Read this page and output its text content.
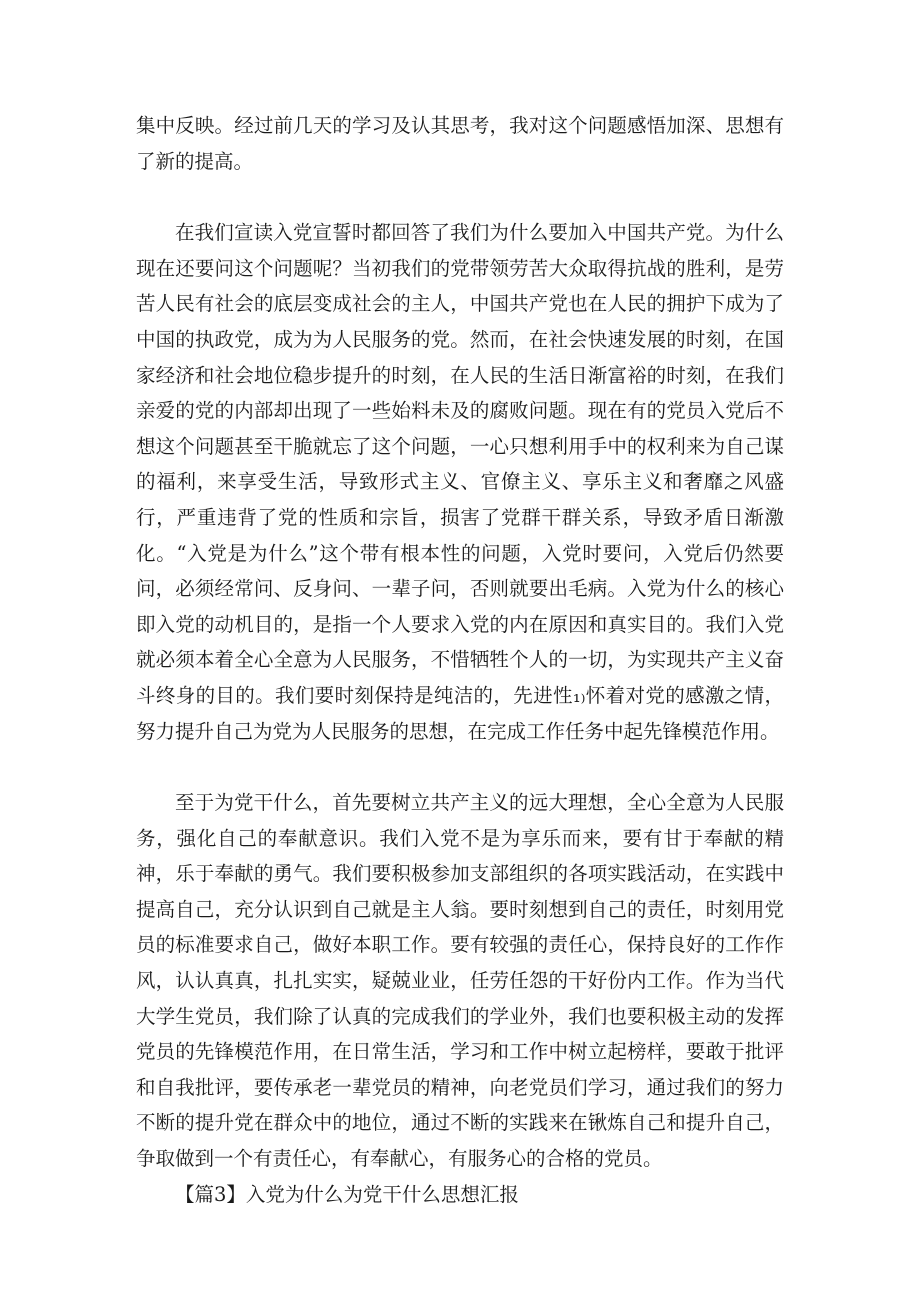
集中反映。经过前几天的学习及认其思考，我对这个问题感悟加深、思想有了新的提高。

在我们宣读入党宣誓时都回答了我们为什么要加入中国共产党。为什么现在还要问这个问题呢？当初我们的党带领劳苦大众取得抗战的胜利，是劳苦人民有社会的底层变成社会的主人，中国共产党也在人民的拥护下成为了中国的执政党，成为为人民服务的党。然而，在社会快速发展的时刻，在国家经济和社会地位稳步提升的时刻，在人民的生活日渐富裕的时刻，在我们亲爱的党的内部却出现了一些始料未及的腐败问题。现在有的党员入党后不想这个问题甚至干脆就忘了这个问题，一心只想利用手中的权利来为自己谋的福利，来享受生活，导致形式主义、官僚主义、享乐主义和奢靡之风盛行，严重违背了党的性质和宗旨，损害了党群干群关系，导致矛盾日渐激化。“入党是为什么”这个带有根本性的问题，入党时要问，入党后仍然要问，必须经常问、反身问、一辈子问，否则就要出毛病。入党为什么的核心即入党的动机目的，是指一个人要求入党的内在原因和真实目的。我们入党就必须本着全心全意为人民服务，不惜牺牲个人的一切，为实现共产主义奋斗终身的目的。我们要时刻保持是纯洁的，先进性₁₎怀着对党的感激之情，努力提升自己为党为人民服务的思想，在完成工作任务中起先锋模范作用。

至于为党干什么，首先要树立共产主义的远大理想，全心全意为人民服务，强化自己的奉献意识。我们入党不是为享乐而来，要有甘于奉献的精神，乐于奉献的勇气。我们要积极参加支部组织的各项实践活动，在实践中提高自己，充分认识到自己就是主人翁。要时刻想到自己的责任，时刻用党员的标准要求自己，做好本职工作。要有较强的责任心，保持良好的工作作风，认认真真，扎扎实实，疑兢业业，任劳任怨的干好份内工作。作为当代大学生党员，我们除了认真的完成我们的学业外，我们也要积极主动的发挥党员的先锋模范作用，在日常生活，学习和工作中树立起榜样，要敢于批评和自我批评，要传承老一辈党员的精神，向老党员们学习，通过我们的努力不断的提升党在群众中的地位，通过不断的实践来在锹炼自己和提升自己，争取做到一个有责任心，有奉献心，有服务心的合格的党员。

【篇3】入党为什么为党干什么思想汇报
